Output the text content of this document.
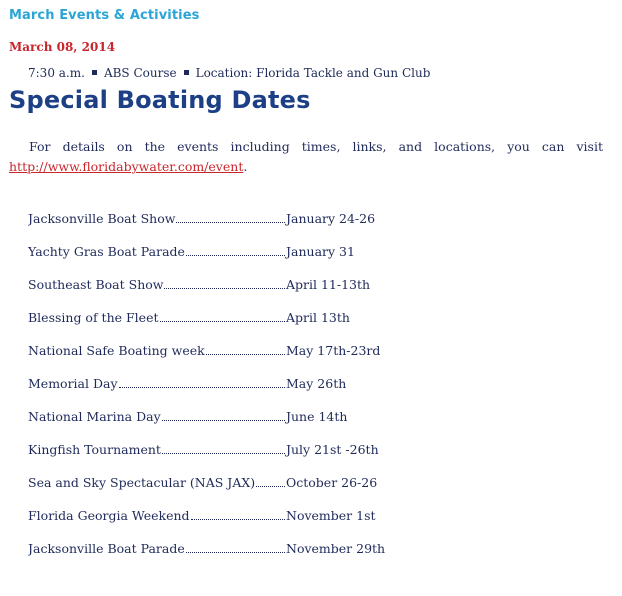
March Events & Activities
March 08, 2014
7:30 a.m. ABS Course Location: Florida Tackle and Gun Club
Special Boating Dates
For details on the events including times, links, and locations, you can visit http://www.floridabywater.com/event.
Jacksonville Boat Show	January 24-26
Yachty Gras Boat Parade	January 31
Southeast Boat Show	April 11-13th
Blessing of the Fleet	April 13th
National Safe Boating week	May 17th-23rd
Memorial Day	May 26th
National Marina Day	June 14th
Kingfish Tournament	July 21st -26th
Sea and Sky Spectacular (NAS JAX) October 26-26
Florida Georgia Weekend	November 1st
Jacksonville Boat Parade	November 29th
